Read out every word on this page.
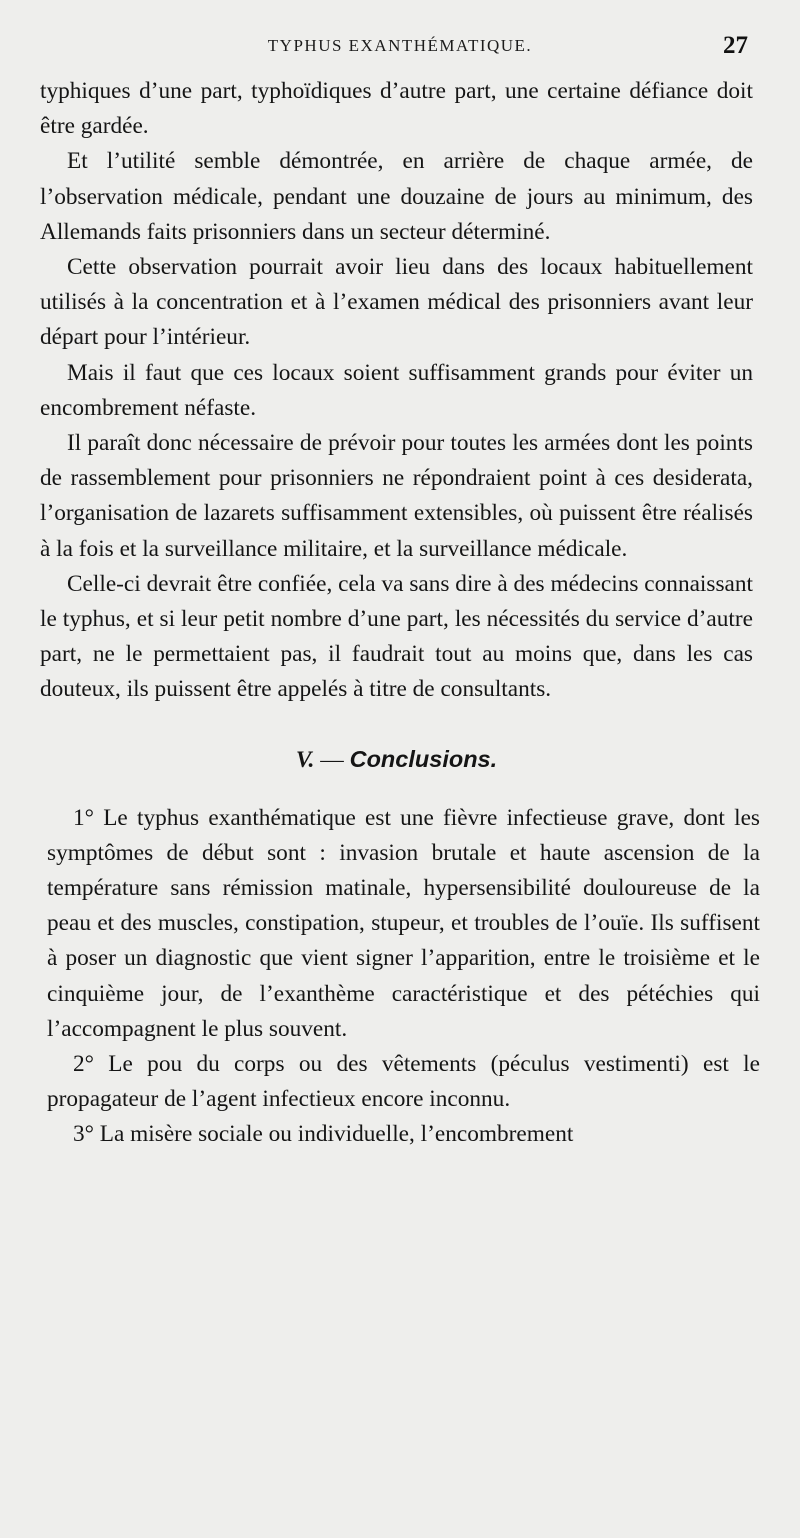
TYPHUS EXANTHÉMATIQUE.	27

typhiques d’une part, typhoïdiques d’autre part, une certaine défiance doit être gardée.

Et l’utilité semble démontrée, en arrière de chaque armée, de l’observation médicale, pendant une douzaine de jours au minimum, des Allemands faits prisonniers dans un secteur déterminé.

Cette observation pourrait avoir lieu dans des locaux habituellement utilisés à la concentration et à l’examen médical des prisonniers avant leur départ pour l’intérieur.

Mais il faut que ces locaux soient suffisamment grands pour éviter un encombrement néfaste.

Il paraît donc nécessaire de prévoir pour toutes les armées dont les points de rassemblement pour prisonniers ne répondraient point à ces desiderata, l’organisation de lazarets suffisamment extensibles, où puissent être réalisés à la fois et la surveillance militaire, et la surveillance médicale.

Celle-ci devrait être confiée, cela va sans dire à des médecins connaissant le typhus, et si leur petit nombre d’une part, les nécessités du service d’autre part, ne le permettaient pas, il faudrait tout au moins que, dans les cas douteux, ils puissent être appelés à titre de consultants.

V. — Conclusions.

1° Le typhus exanthématique est une fièvre infectieuse grave, dont les symptômes de début sont : invasion brutale et haute ascension de la température sans rémission matinale, hypersensibilité douloureuse de la peau et des muscles, constipation, stupeur, et troubles de l’ouïe. Ils suffisent à poser un diagnostic que vient signer l’apparition, entre le troisième et le cinquième jour, de l’exanthème caractéristique et des pétéchies qui l’accompagnent le plus souvent.

2° Le pou du corps ou des vêtements (péculus vestimenti) est le propagateur de l’agent infectieux encore inconnu.

3° La misère sociale ou individuelle, l’encombrement
